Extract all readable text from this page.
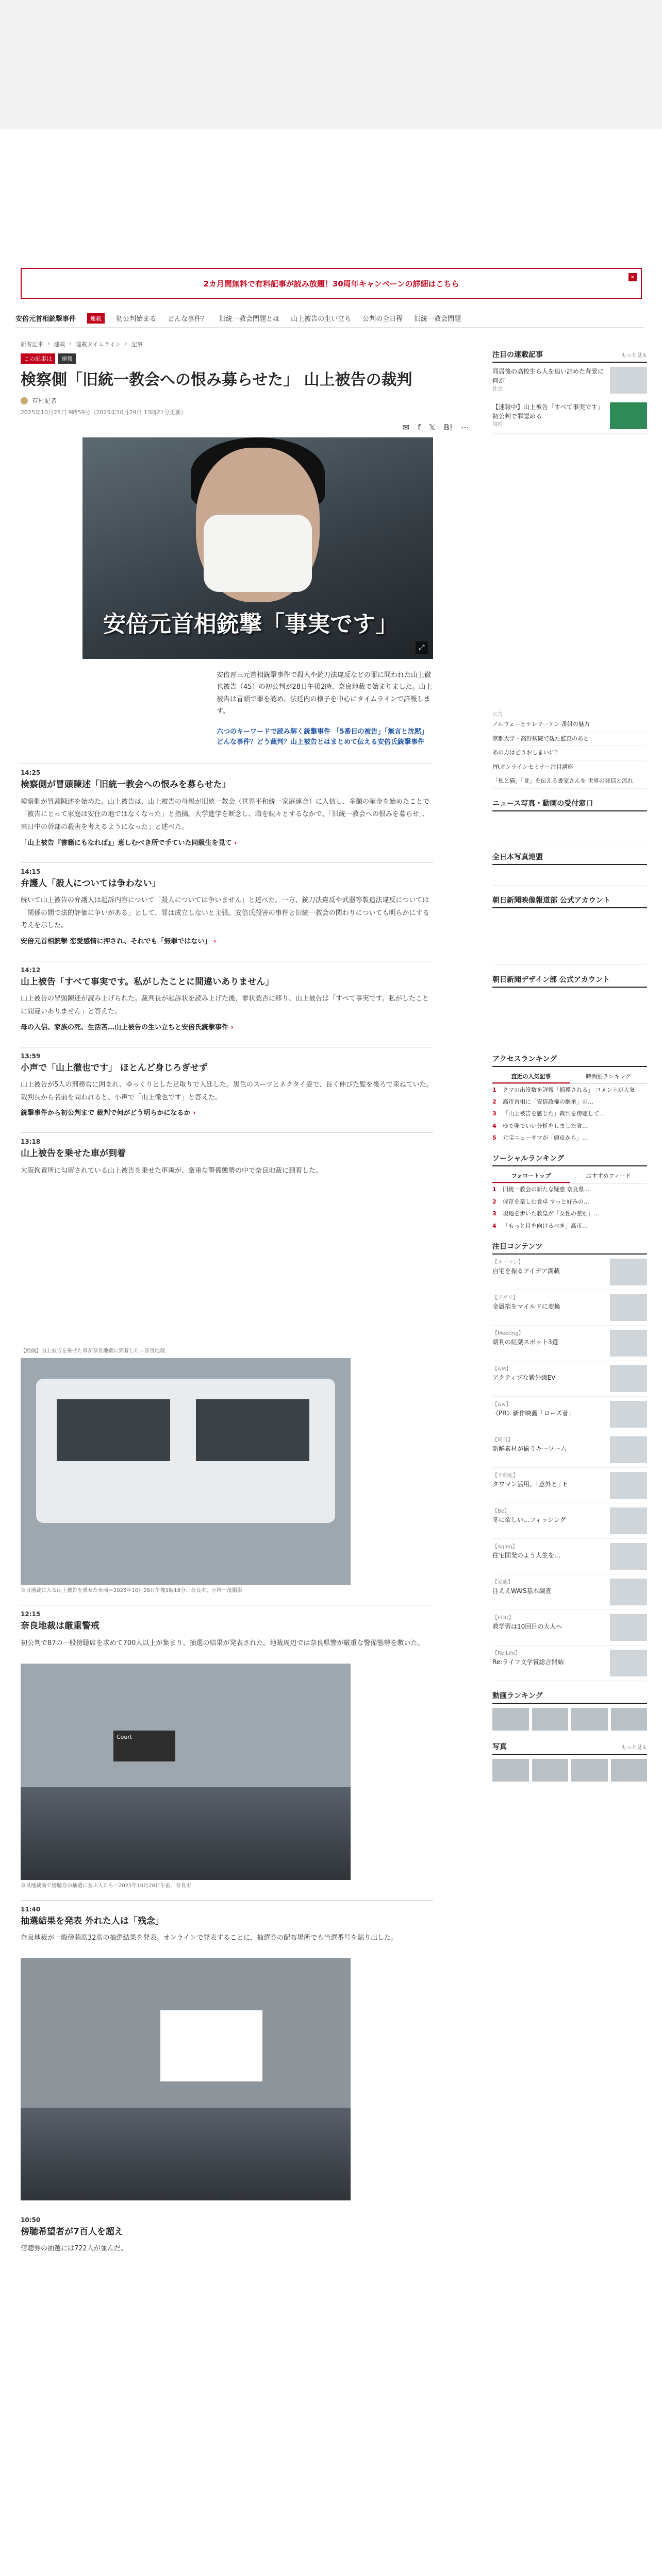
2カ月間無料で有料記事が読み放題！30周年キャンペーンの詳細はこちら
×
安倍元首相銃撃事件	連載	初公判始まる どんな事件？ 旧統一教会問題とは 山上被告の生い立ち 公判の全日程 旧統一教会問題
新着記事 › 連載 › 連載タイムライン › 記事
この記事は	速報
検察側「旧統一教会への恨み募らせた」 山上被告の裁判
有村記者
2025年10月28日 9時59分（2025年10月29日 13時21分更新）
✉ f 𝕏 B! ⋯
安倍元首相銃撃「事実です」
⤢

安倍晋三元首相銃撃事件で殺人や銃刀法違反などの罪に問われた山上徹也被告（45）の初公判が28日午後2時、奈良地裁で始まりました。山上被告は冒頭で罪を認め、法廷内の様子を中心にタイムラインで詳報します。

六つのキーワードで読み解く銃撃事件 「5番目の被告」「無言と沈黙」 どんな事件？どう裁判？山上被告とはまとめて伝える安倍氏銃撃事件

14:25
検察側が冒頭陳述「旧統一教会への恨みを募らせた」
検察側が冒頭陳述を始めた。山上被告は、山上被告の母親が旧統一教会（世界平和統一家庭連合）に入信し、多額の献金を始めたことで「被告にとって家庭は安住の地ではなくなった」と指摘。大学進学を断念し、職を転々とするなかで、「旧統一教会への恨みを募らせ」、来日中の幹部の殺害を考えるようになった」と述べた。
「山上被告『書籍にもなれば』」恵しむべき所で手ていた同級生を見て ›
14:15
弁護人「殺人については争わない」
続いて山上被告の弁護人は起訴内容について「殺人については争いません」と述べた。一方、銃刀法違反や武器等製造法違反については「関係の間で法的評価に争いがある」として、罪は成立しないと主張。安倍氏殺害の事件と旧統一教会の関わりについても明らかにする考えを示した。
安倍元首相銃撃 恋愛感情に押され、それでも「無罪ではない」 ›
14:12
山上被告「すべて事実です。私がしたことに間違いありません」
山上被告の冒頭陳述が読み上げられた。裁判長が起訴状を読み上げた後、罪状認否に移り、山上被告は「すべて事実です。私がしたことに間違いありません」と答えた。
母の入信、家族の死、生活苦…山上被告の生い立ちと安倍氏銃撃事件 ›
13:59
小声で「山上徹也です」 ほとんど身じろぎせず
山上被告が5人の刑務官に囲まれ、ゆっくりとした足取りで入廷した。黒色のスーツとネクタイ姿で、長く伸びた髪を後ろで束ねていた。裁判長から名前を問われると、小声で「山上徹也です」と答えた。
銃撃事件から初公判まで 裁判で何がどう明らかになるか ›
13:18
山上被告を乗せた車が到着
大阪拘置所に勾留されている山上被告を乗せた車両が、厳重な警備態勢の中で奈良地裁に到着した。
【動画】山上被告を乗せた車が奈良地裁に到着した＝奈良地裁
奈良地裁に入る山上被告を乗せた車両＝2025年10月28日午後1時18分、奈良市、小林一茂撮影
12:15
奈良地裁は厳重警戒
初公判で87の一般傍聴席を求めて700人以上が集まり、抽選の結果が発表された。地裁周辺では奈良県警が厳重な警備態勢を敷いた。
Court
奈良地裁前で傍聴券の抽選に並ぶ人たち＝2025年10月28日午前、奈良市
11:40
抽選結果を発表 外れた人は「残念」
奈良地裁が一般傍聴席32席の抽選結果を発表。オンラインで発表することに、抽選券の配布場所でも当選番号を貼り出した。
10:50
傍聴希望者が7百人を超え
傍聴券の抽選には722人が並んだ。
注目の連載記事	もっと見る
同居後の高校生ら人を追い詰めた背景に何が
社会
【速報中】山上被告「すべて事実です」 初公判で罪認める
国内
広告
ノルウェーとテレマーケン 番組の魅力
京都大学・高野病院で観た監査のあと
あの力はどうおしまいに？
PRオンラインセミナー注目講座
「私と猫」「食」を伝える書家さんを 世界の発信と流れ
ニュース写真・動画の受付窓口
全日本写真連盟
朝日新聞映像報道部 公式アカウント
朝日新聞デザイン部 公式アカウント
アクセスランキング
直近の人気記事	時間別ランキング
1	クマの出没数を詳報「捕獲される」 コメントが人気
2	高市首相に「安倍政権の継承」の…
3	「山上被告を感じた」裁判を傍聴して…
4	ゆで卵でいい分析をしました食…
5	元宝ニューサマが「頭皮から」…
ソーシャルランキング
フォロートップ	おすすめフィード
1	旧統一教会の新たな疑惑 奈良県…
2	保存を楽しむ食卓 すっと好みの…
3	現地を歩いた教皇が「女性の差別」…
4	「もっと目を向けるべき」高市…
注目コンテンツ
【ル・マン】
自宅を振るアイデア満載
【アグリ】
金属箔をマイルドに変換
【Meeting】
朝利の紅葉スポット3選
【&M】
アクティブな紫外線EV
【&w】
《PR》新作映画「ローズ者」
【朝日】
新鮮素材が揃うキーワーム
【不動産】
タワマン活用、「意外と」E
【Be】
冬に欲しい…フィッシング
【Aging】
住宅開発のよう人生を…
【家族】
注ええWAIS基本調査
【EDU】
教学習は10回目の大人へ
【Re:Life】
Re:ライフ文学賞総合開始
動画ランキング
写真	もっと見る
